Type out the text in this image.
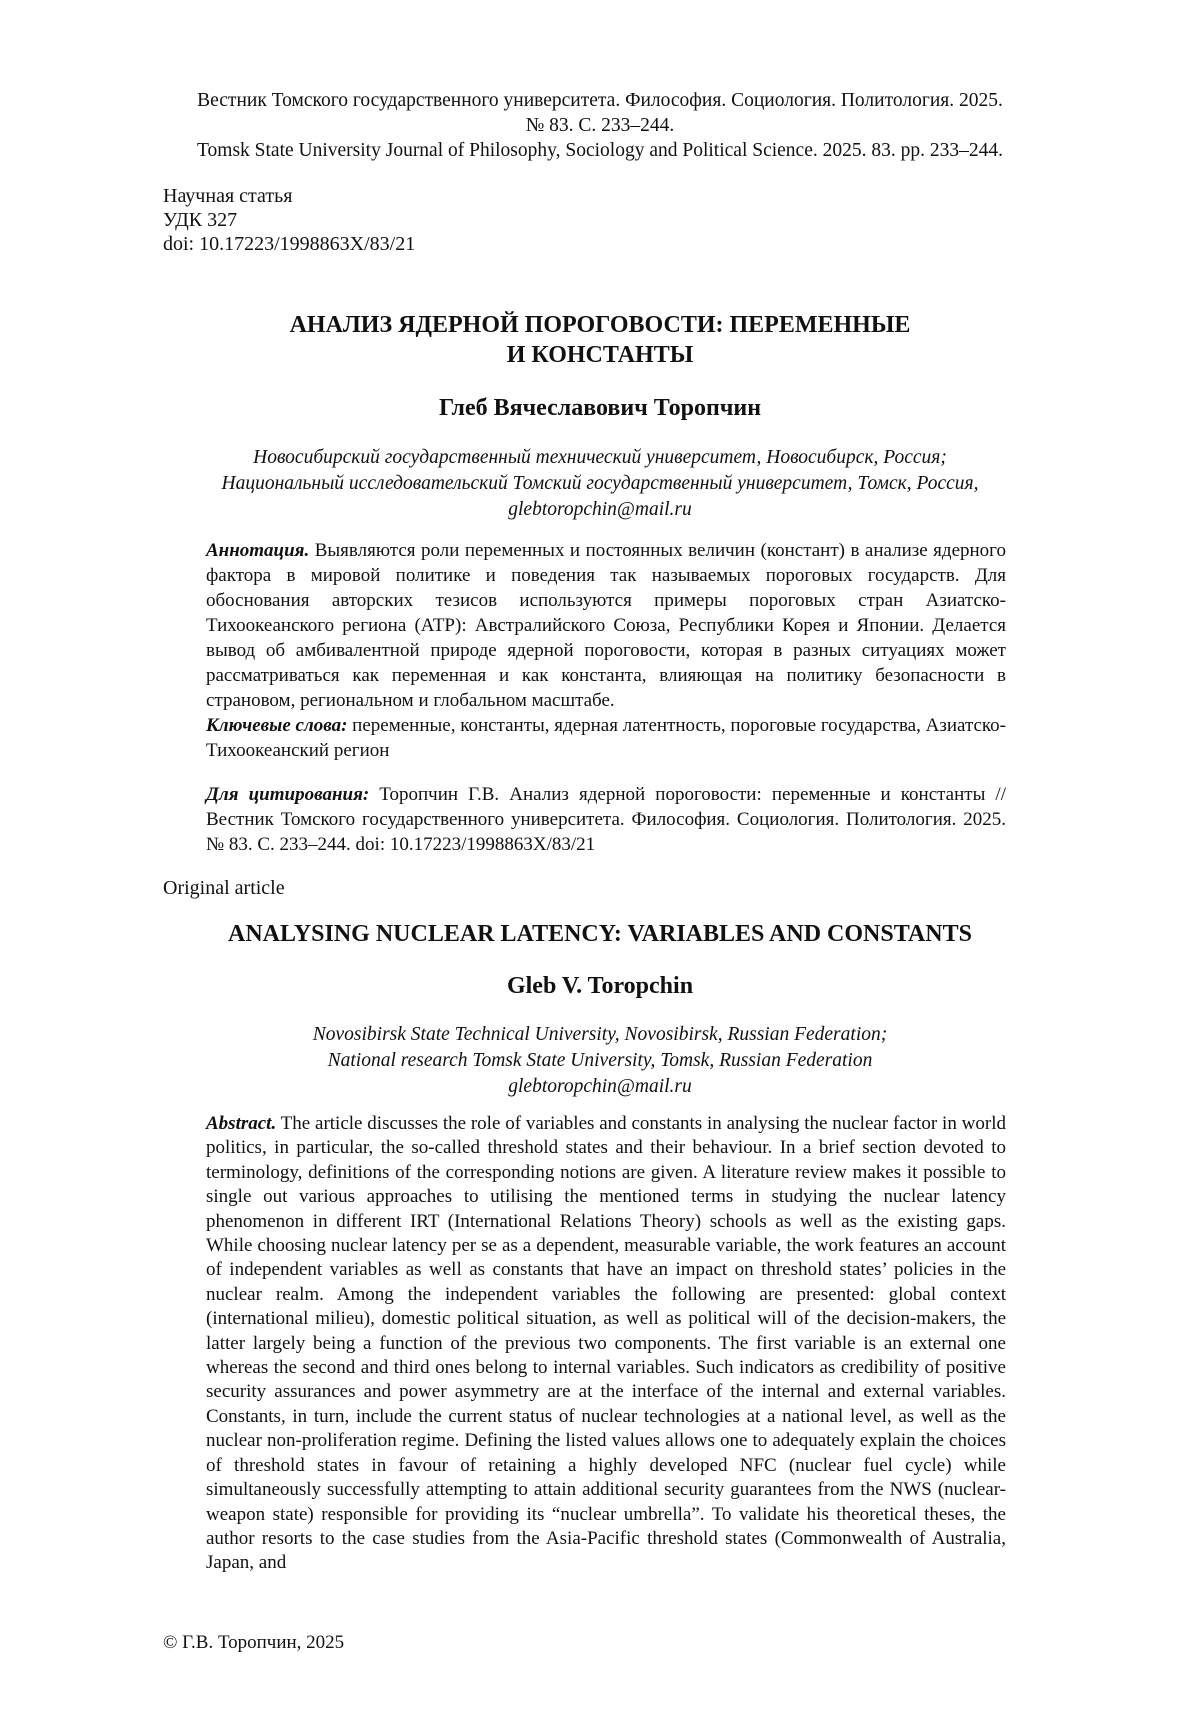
Вестник Томского государственного университета. Философия. Социология. Политология. 2025.
№ 83. С. 233–244.
Tomsk State University Journal of Philosophy, Sociology and Political Science. 2025. 83. pp. 233–244.
Научная статья
УДК 327
doi: 10.17223/1998863X/83/21
АНАЛИЗ ЯДЕРНОЙ ПОРОГОВОСТИ: ПЕРЕМЕННЫЕ
И КОНСТАНТЫ
Глеб Вячеславович Торопчин
Новосибирский государственный технический университет, Новосибирск, Россия;
Национальный исследовательский Томский государственный университет, Томск, Россия,
glebtoropchin@mail.ru

Аннотация. Выявляются роли переменных и постоянных величин (констант) в анализе ядерного фактора в мировой политике и поведения так называемых пороговых государств. Для обоснования авторских тезисов используются примеры пороговых стран Азиатско-Тихоокеанского региона (АТР): Австралийского Союза, Республики Корея и Японии. Делается вывод об амбивалентной природе ядерной пороговости, которая в разных ситуациях может рассматриваться как переменная и как константа, влияющая на политику безопасности в страновом, региональном и глобальном масштабе.

Ключевые слова: переменные, константы, ядерная латентность, пороговые государства, Азиатско-Тихоокеанский регион

Для цитирования: Торопчин Г.В. Анализ ядерной пороговости: переменные и константы // Вестник Томского государственного университета. Философия. Социология. Политология. 2025. № 83. С. 233–244. doi: 10.17223/1998863X/83/21
Original article
ANALYSING NUCLEAR LATENCY: VARIABLES AND CONSTANTS
Gleb V. Toropchin
Novosibirsk State Technical University, Novosibirsk, Russian Federation;
National research Tomsk State University, Tomsk, Russian Federation
glebtoropchin@mail.ru
Abstract. The article discusses the role of variables and constants in analysing the nuclear factor in world politics, in particular, the so-called threshold states and their behaviour. In a brief section devoted to terminology, definitions of the corresponding notions are given. A literature review makes it possible to single out various approaches to utilising the mentioned terms in studying the nuclear latency phenomenon in different IRT (International Relations Theory) schools as well as the existing gaps. While choosing nuclear latency per se as a dependent, measurable variable, the work features an account of independent variables as well as constants that have an impact on threshold states’ policies in the nuclear realm. Among the independent variables the following are presented: global context (international milieu), domestic political situation, as well as political will of the decision-makers, the latter largely being a function of the previous two components. The first variable is an external one whereas the second and third ones belong to internal variables. Such indicators as credibility of positive security assurances and power asymmetry are at the interface of the internal and external variables. Constants, in turn, include the current status of nuclear technologies at a national level, as well as the nuclear non-proliferation regime. Defining the listed values allows one to adequately explain the choices of threshold states in favour of retaining a highly developed NFC (nuclear fuel cycle) while simultaneously successfully attempting to attain additional security guarantees from the NWS (nuclear-weapon state) responsible for providing its “nuclear umbrella”. To validate his theoretical theses, the author resorts to the case studies from the Asia-Pacific threshold states (Commonwealth of Australia, Japan, and
© Г.В. Торопчин, 2025
